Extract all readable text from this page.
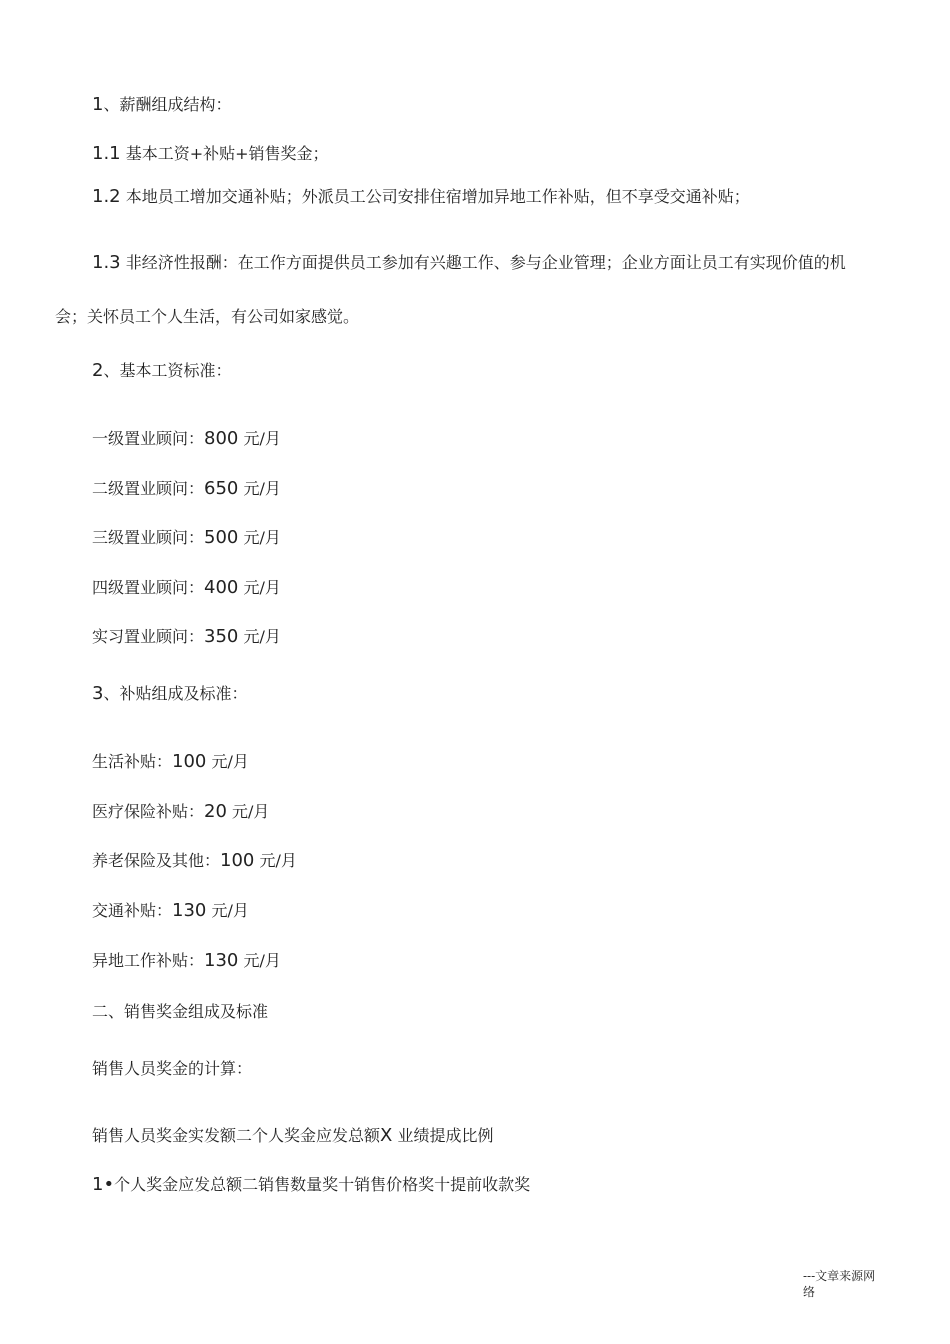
1、薪酬组成结构：
1.1 基本工资+补贴+销售奖金；
1.2 本地员工增加交通补贴；外派员工公司安排住宿增加异地工作补贴，但不享受交通补贴；
1.3 非经济性报酬：在工作方面提供员工参加有兴趣工作、参与企业管理；企业方面让员工有实现价值的机
会；关怀员工个人生活，有公司如家感觉。
2、基本工资标准：
一级置业顾问：800 元/月
二级置业顾问：650 元/月
三级置业顾问：500 元/月
四级置业顾问：400 元/月
实习置业顾问：350 元/月
3、补贴组成及标准：
生活补贴：100 元/月
医疗保险补贴：20 元/月
养老保险及其他：100 元/月
交通补贴：130 元/月
异地工作补贴：130 元/月
二、销售奖金组成及标准
销售人员奖金的计算：
销售人员奖金实发额二个人奖金应发总额X 业绩提成比例
1•个人奖金应发总额二销售数量奖十销售价格奖十提前收款奖
---文章来源网
络
